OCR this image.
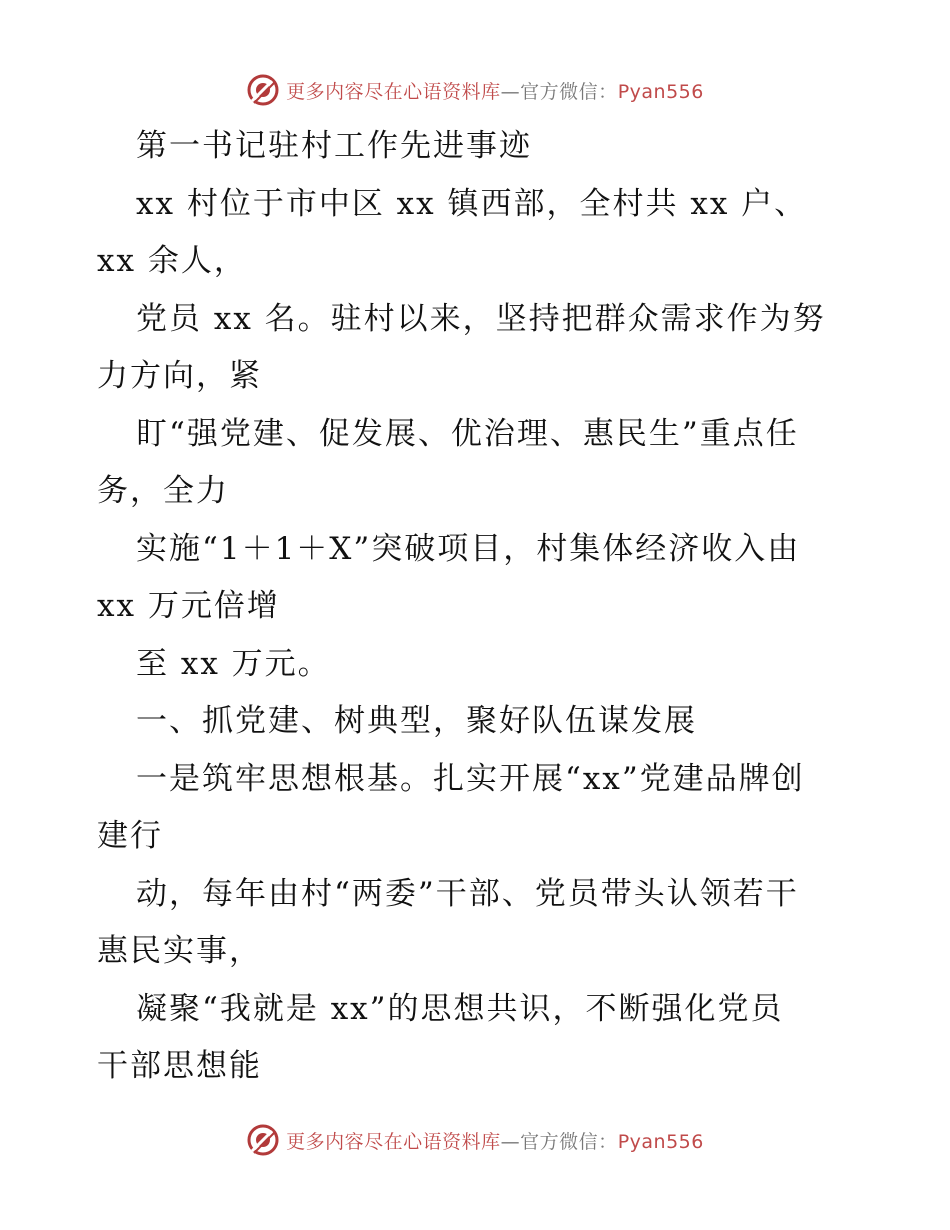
更多内容尽在心语资料库—官方微信：Pyan556
第一书记驻村工作先进事迹
xx 村位于市中区 xx 镇西部，全村共 xx 户、
xx 余人，
党员 xx 名。驻村以来，坚持把群众需求作为努
力方向，紧
盯“强党建、促发展、优治理、惠民生”重点任
务，全力
实施“1＋1＋X”突破项目，村集体经济收入由
xx 万元倍增
至 xx 万元。
一、抓党建、树典型，聚好队伍谋发展
一是筑牢思想根基。扎实开展“xx”党建品牌创
建行
动，每年由村“两委”干部、党员带头认领若干
惠民实事，
凝聚“我就是 xx”的思想共识，不断强化党员
干部思想能
更多内容尽在心语资料库—官方微信：Pyan556
